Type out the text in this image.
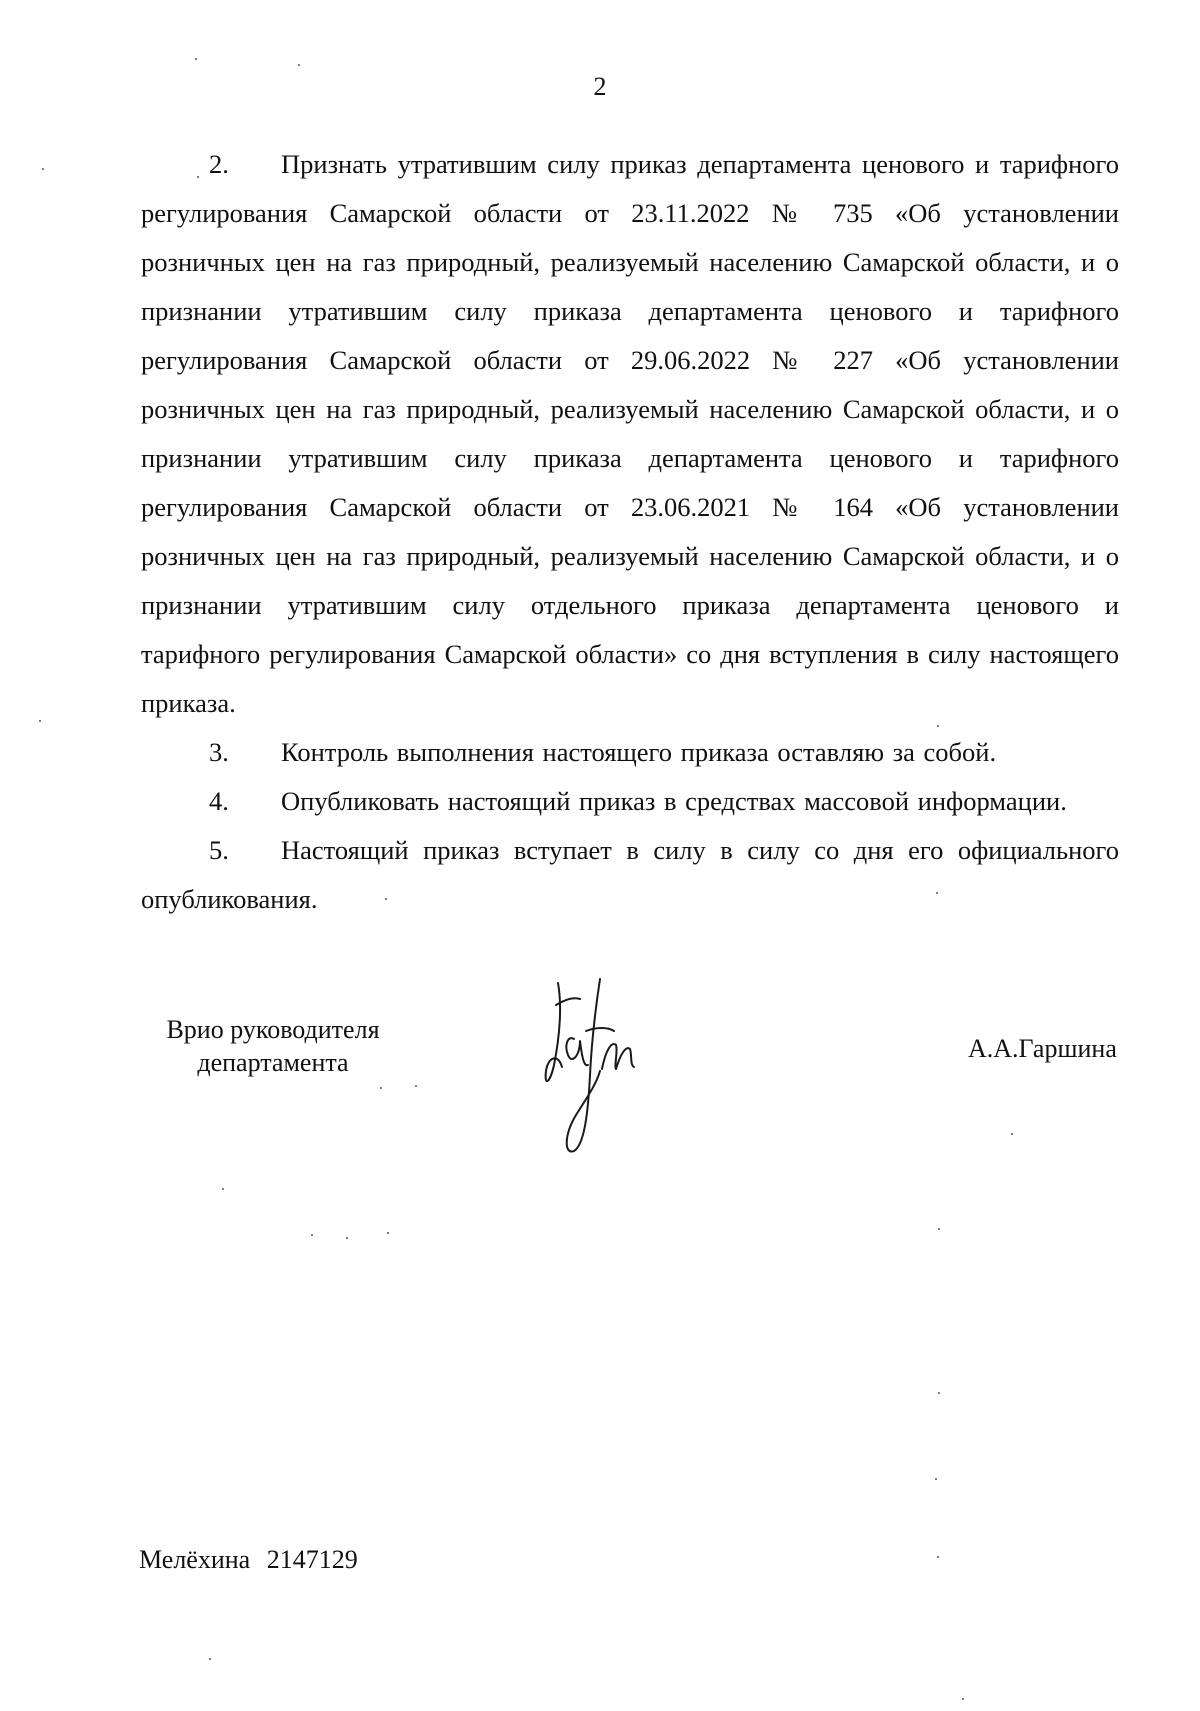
2

2. Признать утратившим силу приказ департамента ценового и тарифного регулирования Самарской области от 23.11.2022 № 735 «Об установлении розничных цен на газ природный, реализуемый населению Самарской области, и о признании утратившим силу приказа департамента ценового и тарифного регулирования Самарской области от 29.06.2022 № 227 «Об установлении розничных цен на газ природный, реализуемый населению Самарской области, и о признании утратившим силу приказа департамента ценового и тарифного регулирования Самарской области от 23.06.2021 № 164 «Об установлении розничных цен на газ природный, реализуемый населению Самарской области, и о признании утратившим силу отдельного приказа департамента ценового и тарифного регулирования Самарской области» со дня вступления в силу настоящего приказа.

3. Контроль выполнения настоящего приказа оставляю за собой.

4. Опубликовать настоящий приказ в средствах массовой информации.

5. Настоящий приказ вступает в силу в силу со дня его официального опубликования.

Врио руководителя
департамента	А.А.Гаршина
Мелёхина 2147129
